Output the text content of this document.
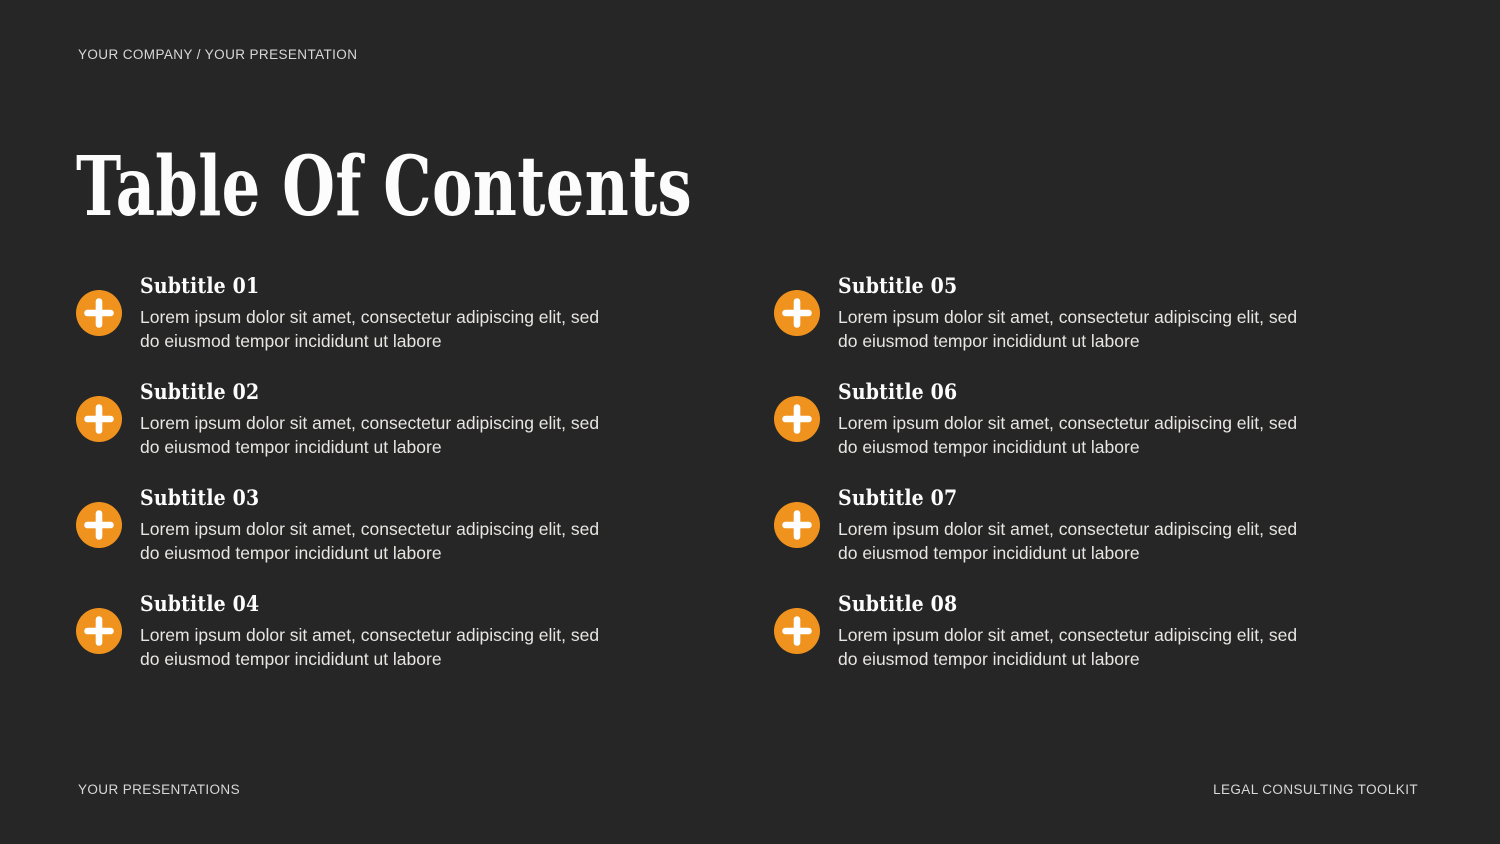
YOUR COMPANY / YOUR PRESENTATION
Table Of Contents
Subtitle 01
Lorem ipsum dolor sit amet, consectetur adipiscing elit, sed do eiusmod tempor incididunt ut labore
Subtitle 02
Lorem ipsum dolor sit amet, consectetur adipiscing elit, sed do eiusmod tempor incididunt ut labore
Subtitle 03
Lorem ipsum dolor sit amet, consectetur adipiscing elit, sed do eiusmod tempor incididunt ut labore
Subtitle 04
Lorem ipsum dolor sit amet, consectetur adipiscing elit, sed do eiusmod tempor incididunt ut labore
Subtitle 05
Lorem ipsum dolor sit amet, consectetur adipiscing elit, sed do eiusmod tempor incididunt ut labore
Subtitle 06
Lorem ipsum dolor sit amet, consectetur adipiscing elit, sed do eiusmod tempor incididunt ut labore
Subtitle 07
Lorem ipsum dolor sit amet, consectetur adipiscing elit, sed do eiusmod tempor incididunt ut labore
Subtitle 08
Lorem ipsum dolor sit amet, consectetur adipiscing elit, sed do eiusmod tempor incididunt ut labore
YOUR PRESENTATIONS	LEGAL CONSULTING TOOLKIT
